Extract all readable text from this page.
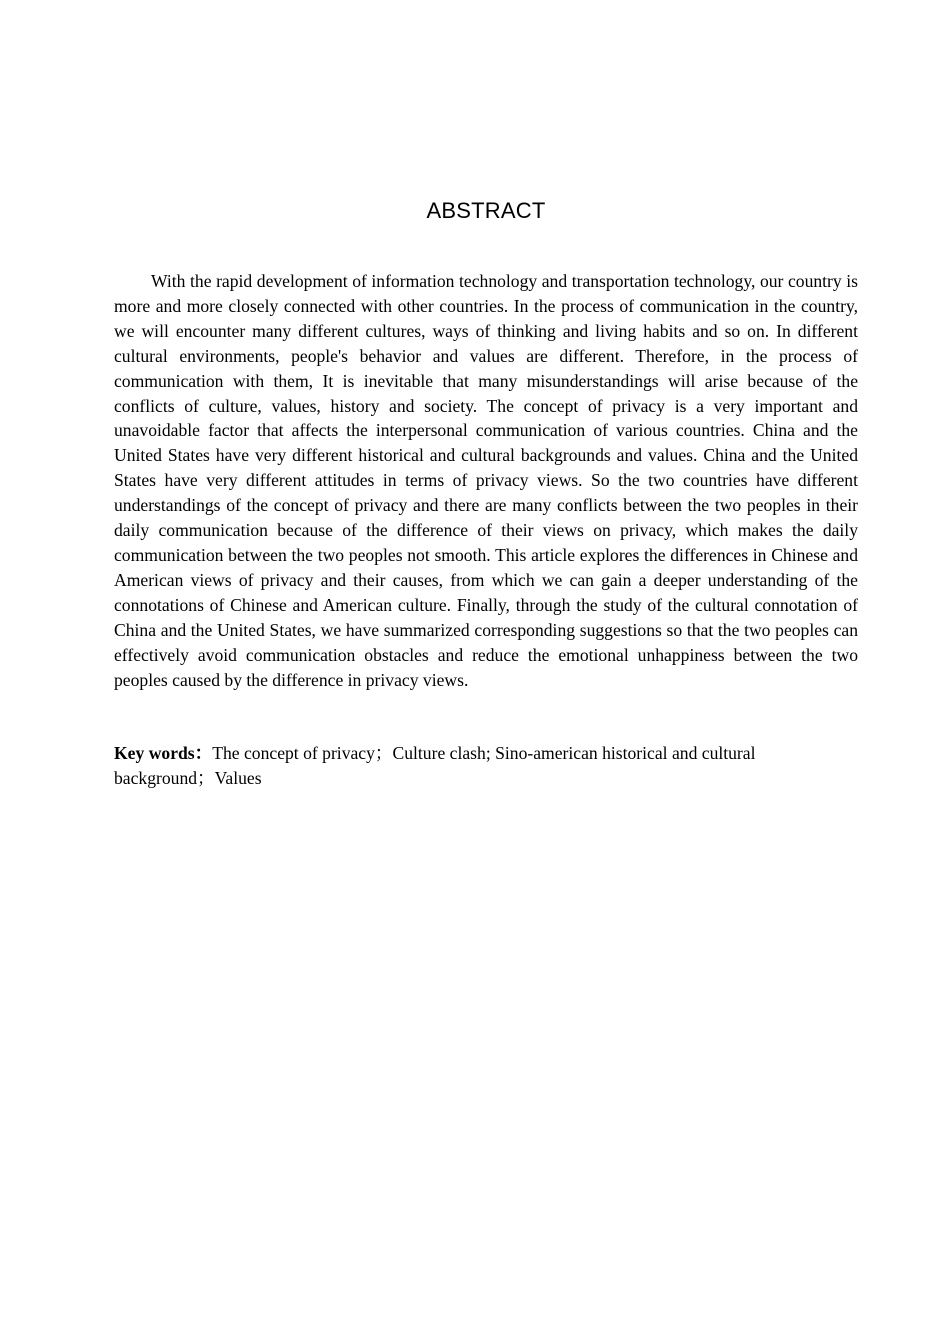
ABSTRACT

With the rapid development of information technology and transportation technology, our country is more and more closely connected with other countries. In the process of communication in the country, we will encounter many different cultures, ways of thinking and living habits and so on. In different cultural environments, people's behavior and values are different. Therefore, in the process of communication with them, It is inevitable that many misunderstandings will arise because of the conflicts of culture, values, history and society. The concept of privacy is a very important and unavoidable factor that affects the interpersonal communication of various countries. China and the United States have very different historical and cultural backgrounds and values. China and the United States have very different attitudes in terms of privacy views. So the two countries have different understandings of the concept of privacy and there are many conflicts between the two peoples in their daily communication because of the difference of their views on privacy, which makes the daily communication between the two peoples not smooth. This article explores the differences in Chinese and American views of privacy and their causes, from which we can gain a deeper understanding of the connotations of Chinese and American culture. Finally, through the study of the cultural connotation of China and the United States, we have summarized corresponding suggestions so that the two peoples can effectively avoid communication obstacles and reduce the emotional unhappiness between the two peoples caused by the difference in privacy views.

Key words：The concept of privacy；Culture clash; Sino-american historical and cultural background；Values
